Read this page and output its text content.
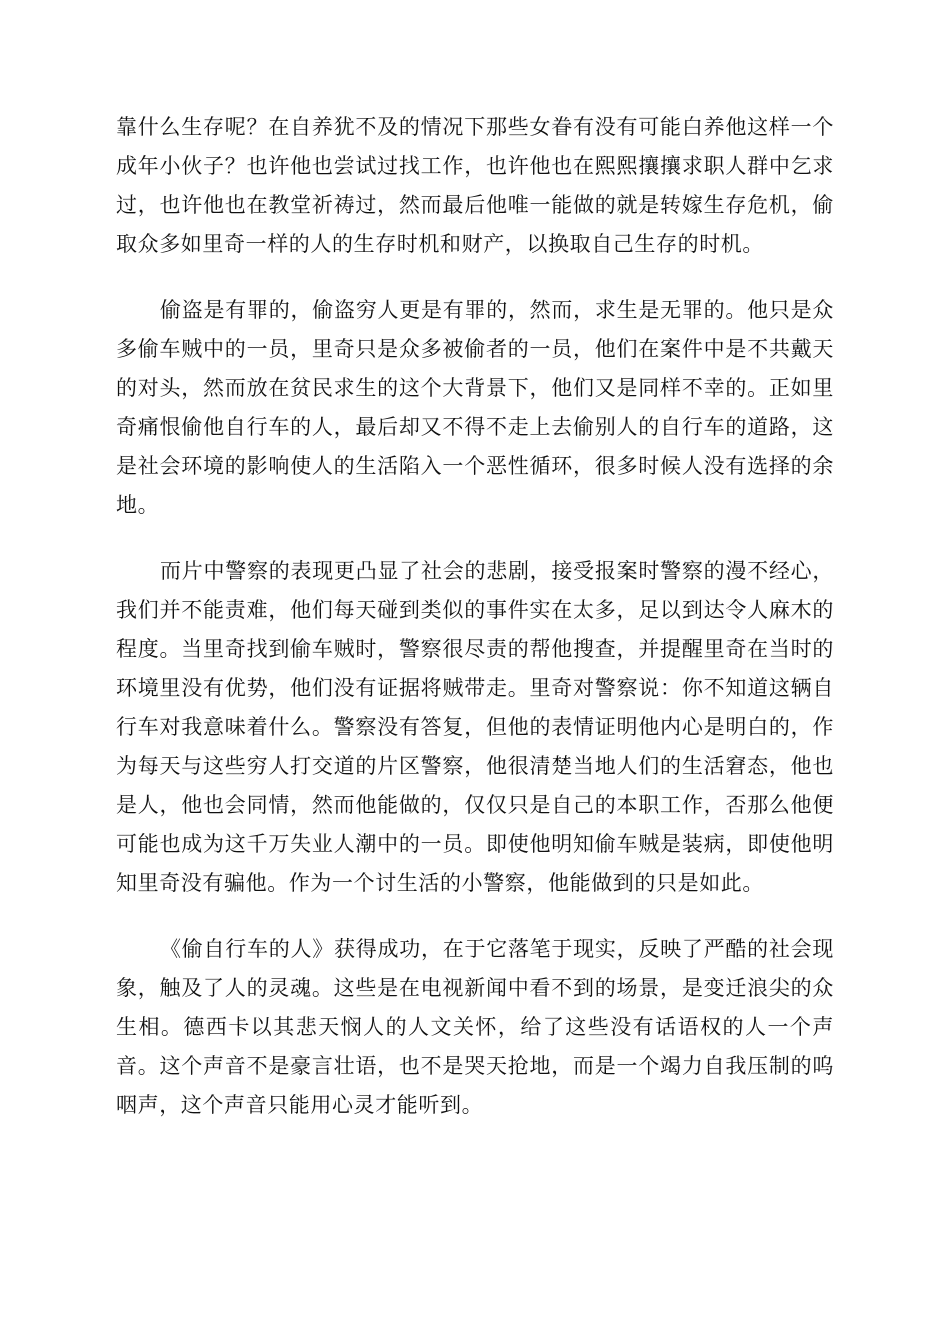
靠什么生存呢？在自养犹不及的情况下那些女眷有没有可能白养他这样一个成年小伙子？也许他也尝试过找工作，也许他也在熙熙攘攘求职人群中乞求过，也许他也在教堂祈祷过，然而最后他唯一能做的就是转嫁生存危机，偷取众多如里奇一样的人的生存时机和财产，以换取自己生存的时机。

偷盗是有罪的，偷盗穷人更是有罪的，然而，求生是无罪的。他只是众多偷车贼中的一员，里奇只是众多被偷者的一员，他们在案件中是不共戴天的对头，然而放在贫民求生的这个大背景下，他们又是同样不幸的。正如里奇痛恨偷他自行车的人，最后却又不得不走上去偷别人的自行车的道路，这是社会环境的影响使人的生活陷入一个恶性循环，很多时候人没有选择的余地。

而片中警察的表现更凸显了社会的悲剧，接受报案时警察的漫不经心，我们并不能责难，他们每天碰到类似的事件实在太多，足以到达令人麻木的程度。当里奇找到偷车贼时，警察很尽责的帮他搜查，并提醒里奇在当时的环境里没有优势，他们没有证据将贼带走。里奇对警察说：你不知道这辆自行车对我意味着什么。警察没有答复，但他的表情证明他内心是明白的，作为每天与这些穷人打交道的片区警察，他很清楚当地人们的生活窘态，他也是人，他也会同情，然而他能做的，仅仅只是自己的本职工作，否那么他便可能也成为这千万失业人潮中的一员。即使他明知偷车贼是装病，即使他明知里奇没有骗他。作为一个讨生活的小警察，他能做到的只是如此。

《偷自行车的人》获得成功，在于它落笔于现实，反映了严酷的社会现象，触及了人的灵魂。这些是在电视新闻中看不到的场景，是变迁浪尖的众生相。德西卡以其悲天悯人的人文关怀，给了这些没有话语权的人一个声音。这个声音不是豪言壮语，也不是哭天抢地，而是一个竭力自我压制的呜咽声，这个声音只能用心灵才能听到。
